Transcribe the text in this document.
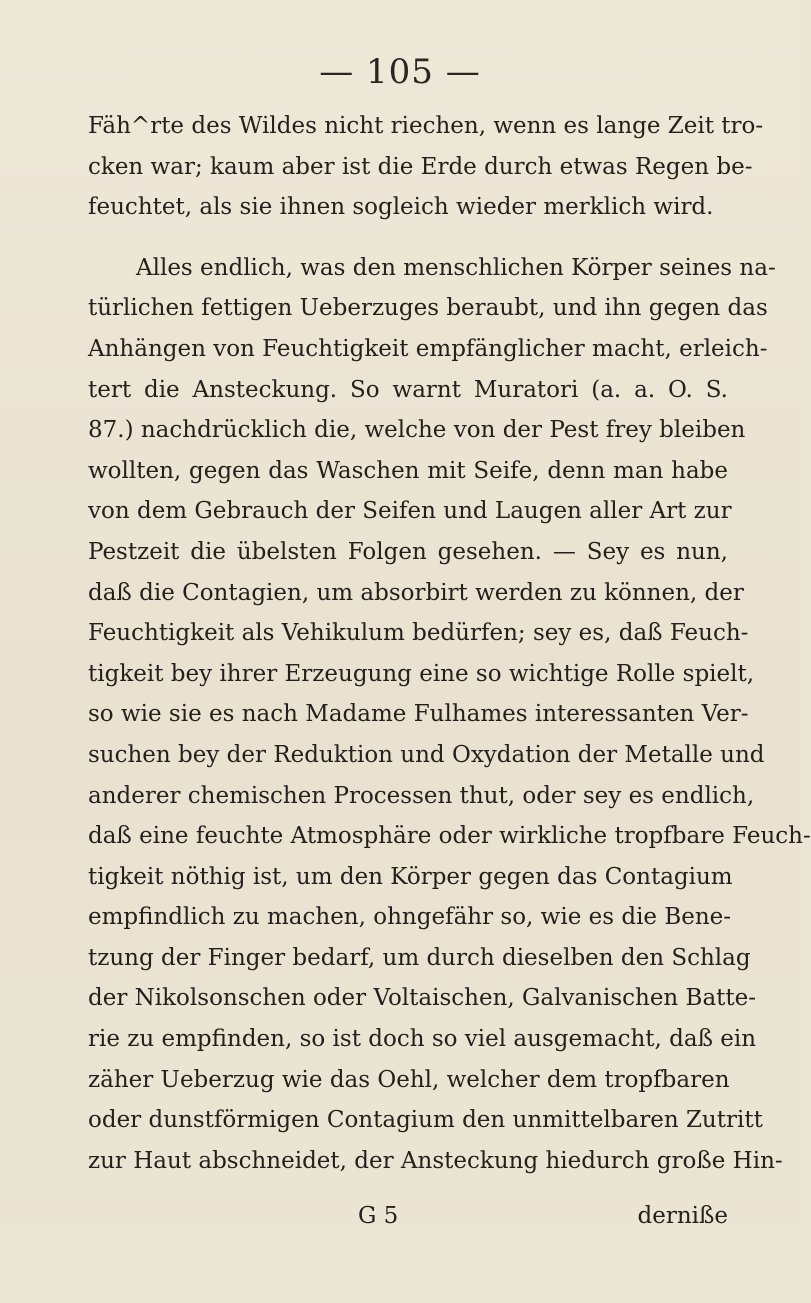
— 105 —
Fäh^rte des Wildes nicht riechen, wenn es lange Zeit tro-
cken war; kaum aber ist die Erde durch etwas Regen be-
feuchtet, als sie ihnen sogleich wieder merklich wird.
Alles endlich, was den menschlichen Körper seines na-
türlichen fettigen Ueberzuges beraubt, und ihn gegen das
Anhängen von Feuchtigkeit empfänglicher macht, erleich-
tert die Ansteckung. So warnt Muratori (a. a. O. S.
87.) nachdrücklich die, welche von der Pest frey bleiben
wollten, gegen das Waschen mit Seife, denn man habe
von dem Gebrauch der Seifen und Laugen aller Art zur
Pestzeit die übelsten Folgen gesehen. — Sey es nun,
daß die Contagien, um absorbirt werden zu können, der
Feuchtigkeit als Vehikulum bedürfen; sey es, daß Feuch-
tigkeit bey ihrer Erzeugung eine so wichtige Rolle spielt,
so wie sie es nach Madame Fulhames interessanten Ver-
suchen bey der Reduktion und Oxydation der Metalle und
anderer chemischen Processen thut, oder sey es endlich,
daß eine feuchte Atmosphäre oder wirkliche tropfbare Feuch-
tigkeit nöthig ist, um den Körper gegen das Contagium
empfindlich zu machen, ohngefähr so, wie es die Bene-
tzung der Finger bedarf, um durch dieselben den Schlag
der Nikolsonschen oder Voltaischen, Galvanischen Batte-
rie zu empfinden, so ist doch so viel ausgemacht, daß ein
zäher Ueberzug wie das Oehl, welcher dem tropfbaren
oder dunstförmigen Contagium den unmittelbaren Zutritt
zur Haut abschneidet, der Ansteckung hiedurch große Hin-
G 5	derniße
